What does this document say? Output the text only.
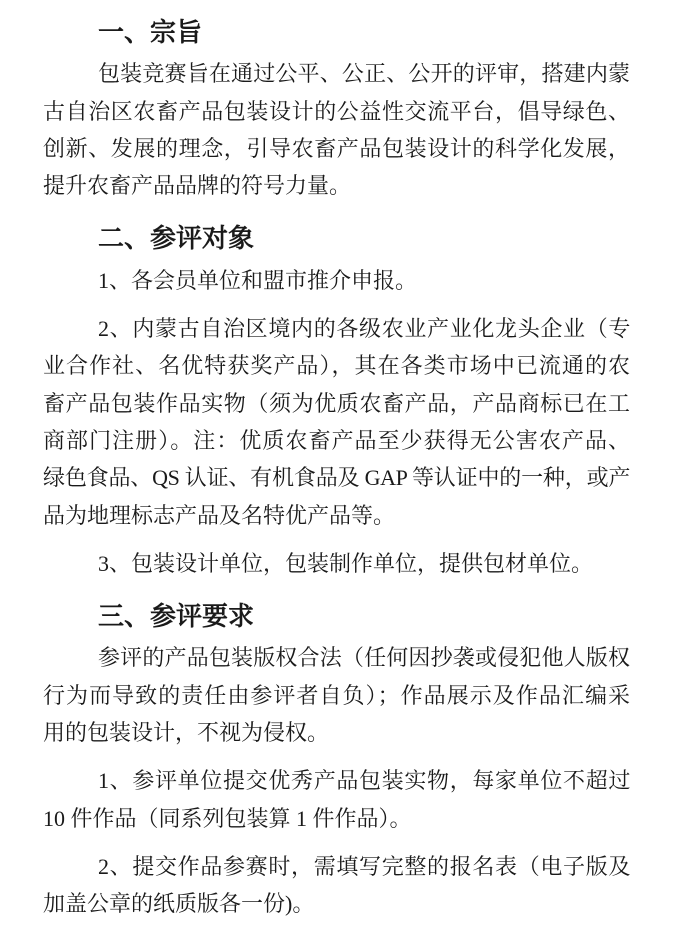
一、宗旨
包装竞赛旨在通过公平、公正、公开的评审，搭建内蒙
古自治区农畜产品包装设计的公益性交流平台，倡导绿色、
创新、发展的理念，引导农畜产品包装设计的科学化发展，
提升农畜产品品牌的符号力量。
二、参评对象
1、各会员单位和盟市推介申报。
2、内蒙古自治区境内的各级农业产业化龙头企业（专
业合作社、名优特获奖产品），其在各类市场中已流通的农
畜产品包装作品实物（须为优质农畜产品，产品商标已在工
商部门注册）。注：优质农畜产品至少获得无公害农产品、
绿色食品、QS 认证、有机食品及 GAP 等认证中的一种，或产
品为地理标志产品及名特优产品等。
3、包装设计单位，包装制作单位，提供包材单位。
三、参评要求
参评的产品包装版权合法（任何因抄袭或侵犯他人版权
行为而导致的责任由参评者自负）；作品展示及作品汇编采
用的包装设计，不视为侵权。
1、参评单位提交优秀产品包装实物，每家单位不超过
10 件作品（同系列包装算 1 件作品）。
2、提交作品参赛时，需填写完整的报名表（电子版及
加盖公章的纸质版各一份)。
